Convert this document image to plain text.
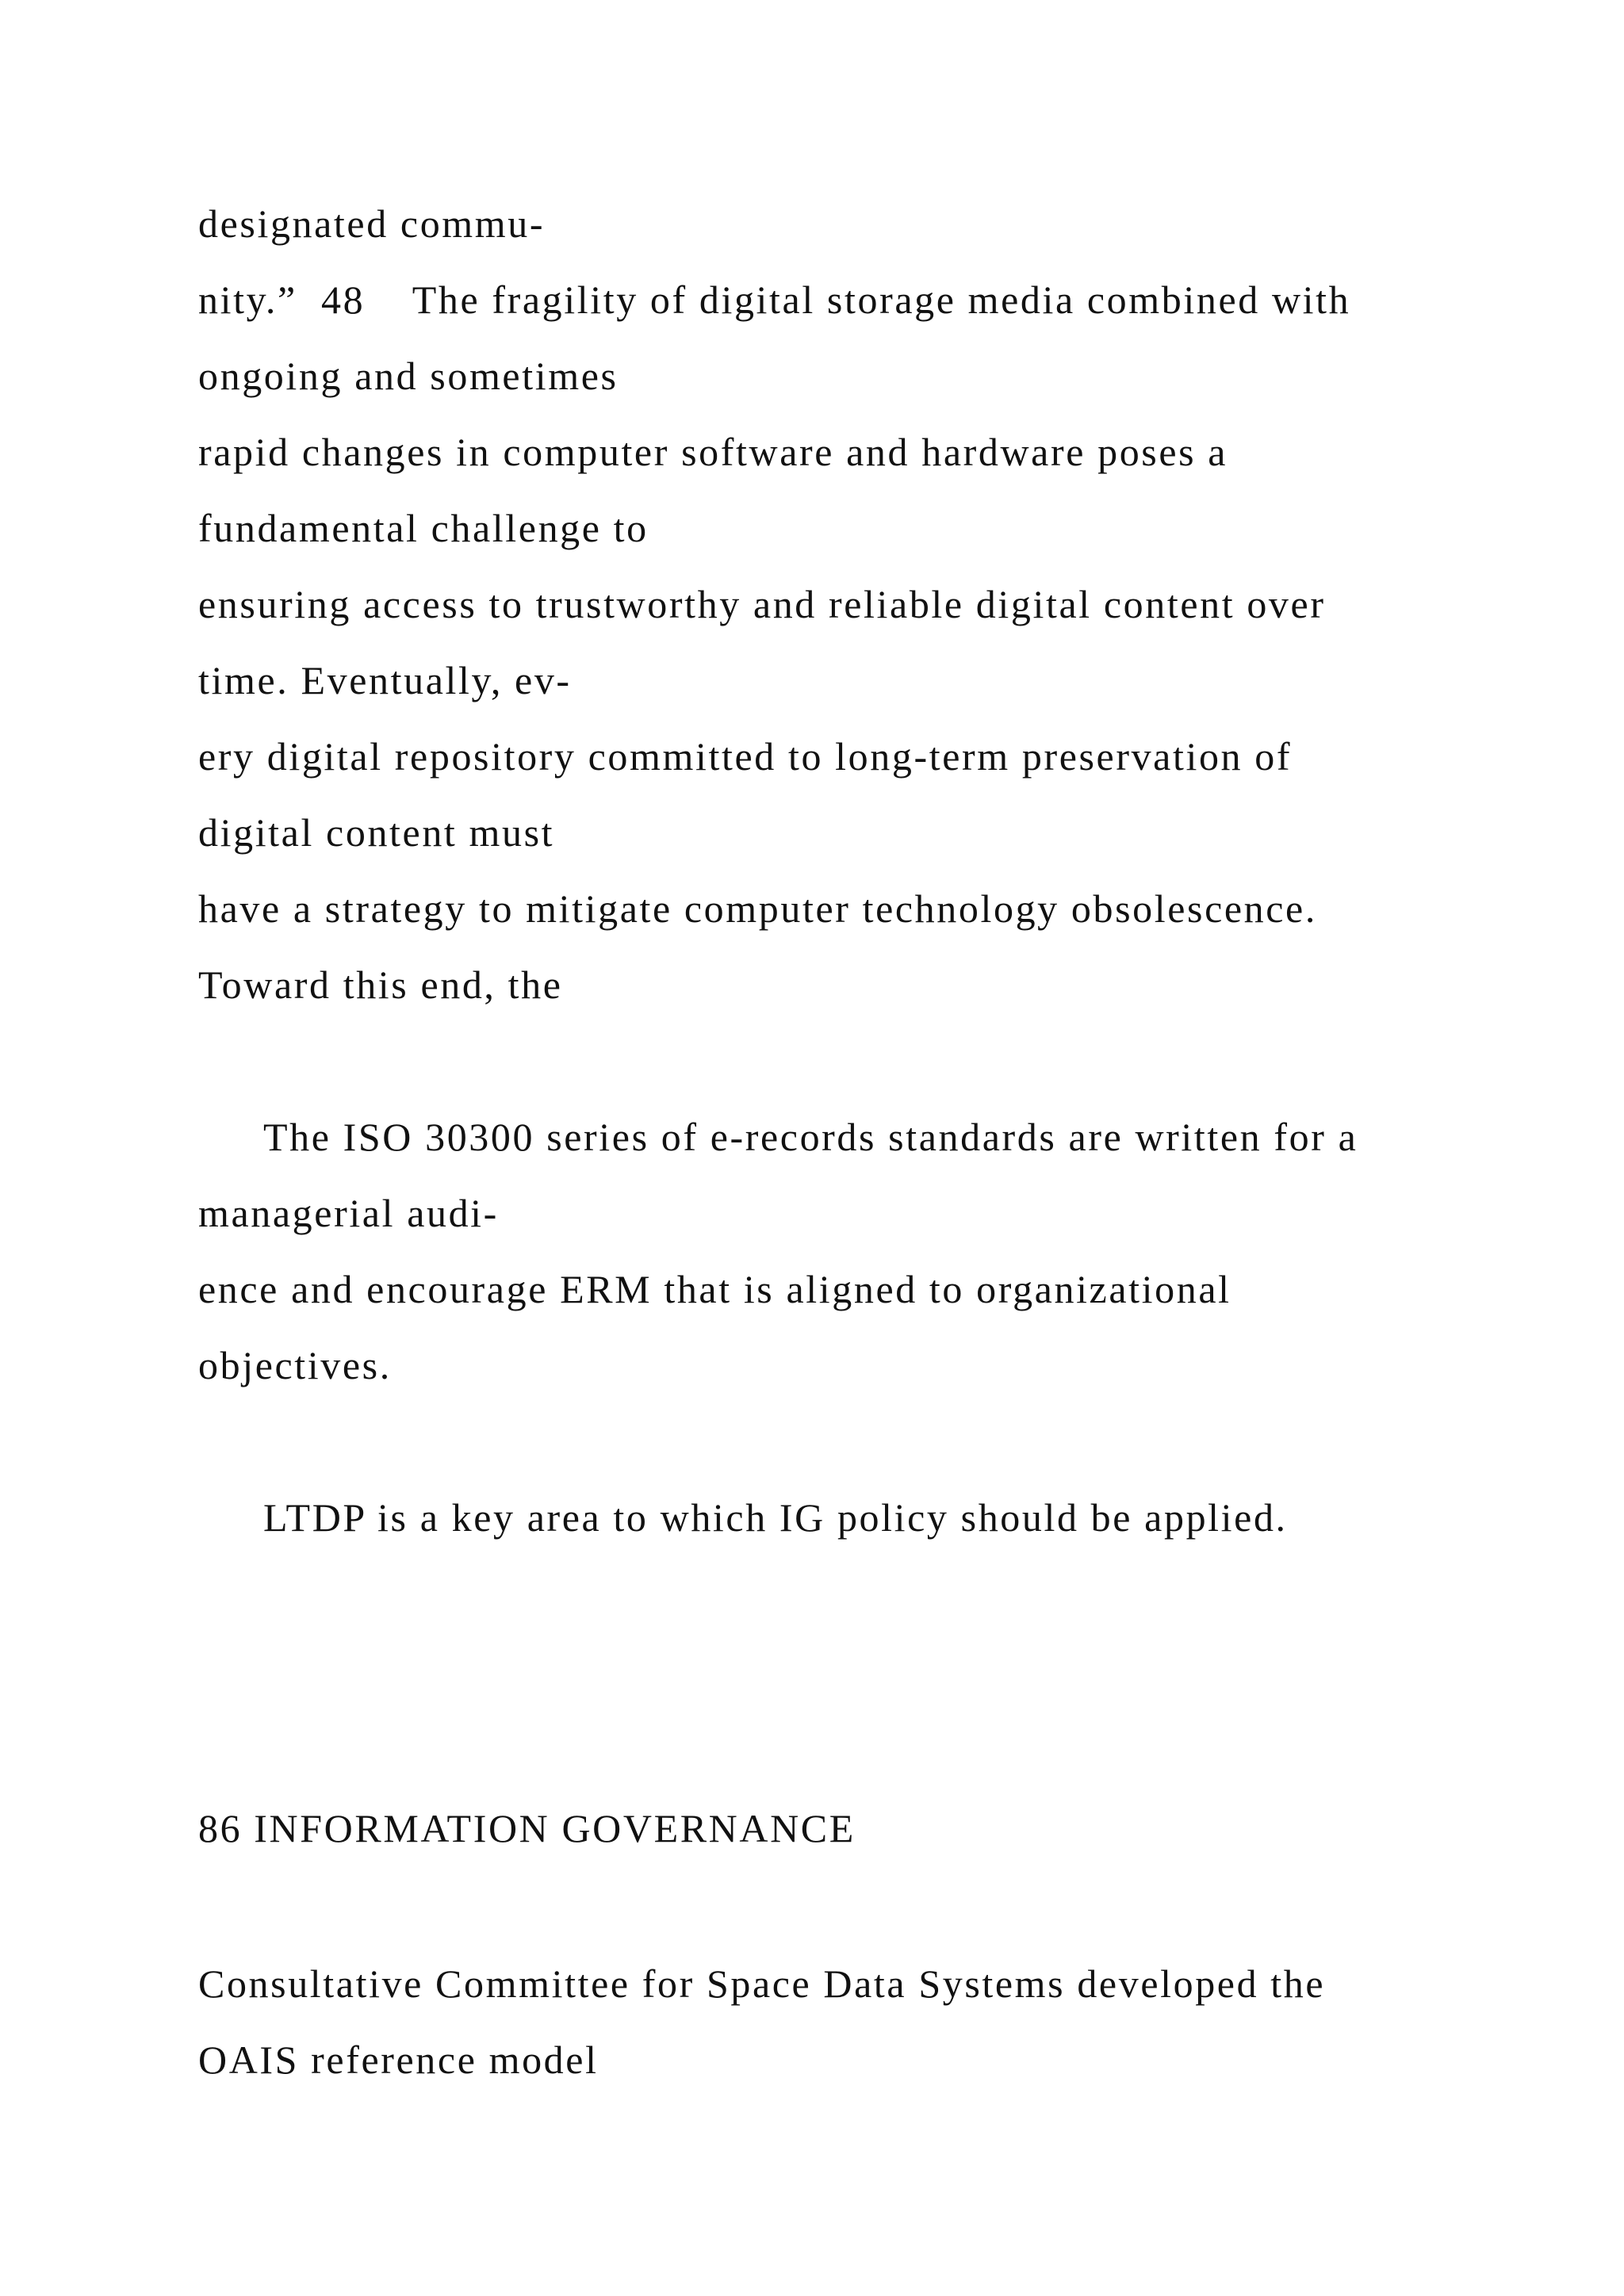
designated commu-
nity.”  48    The fragility of digital storage media combined with
ongoing and sometimes
rapid changes in computer software and hardware poses a
fundamental challenge to
ensuring access to trustworthy and reliable digital content over
time. Eventually, ev-
ery digital repository committed to long-term preservation of
digital content must
have a strategy to mitigate computer technology obsolescence.
Toward this end, the
The ISO 30300 series of e-records standards are written for a
managerial audi-
ence and encourage ERM that is aligned to organizational
objectives.
LTDP is a key area to which IG policy should be applied.
86 INFORMATION GOVERNANCE
Consultative Committee for Space Data Systems developed the
OAIS reference model
